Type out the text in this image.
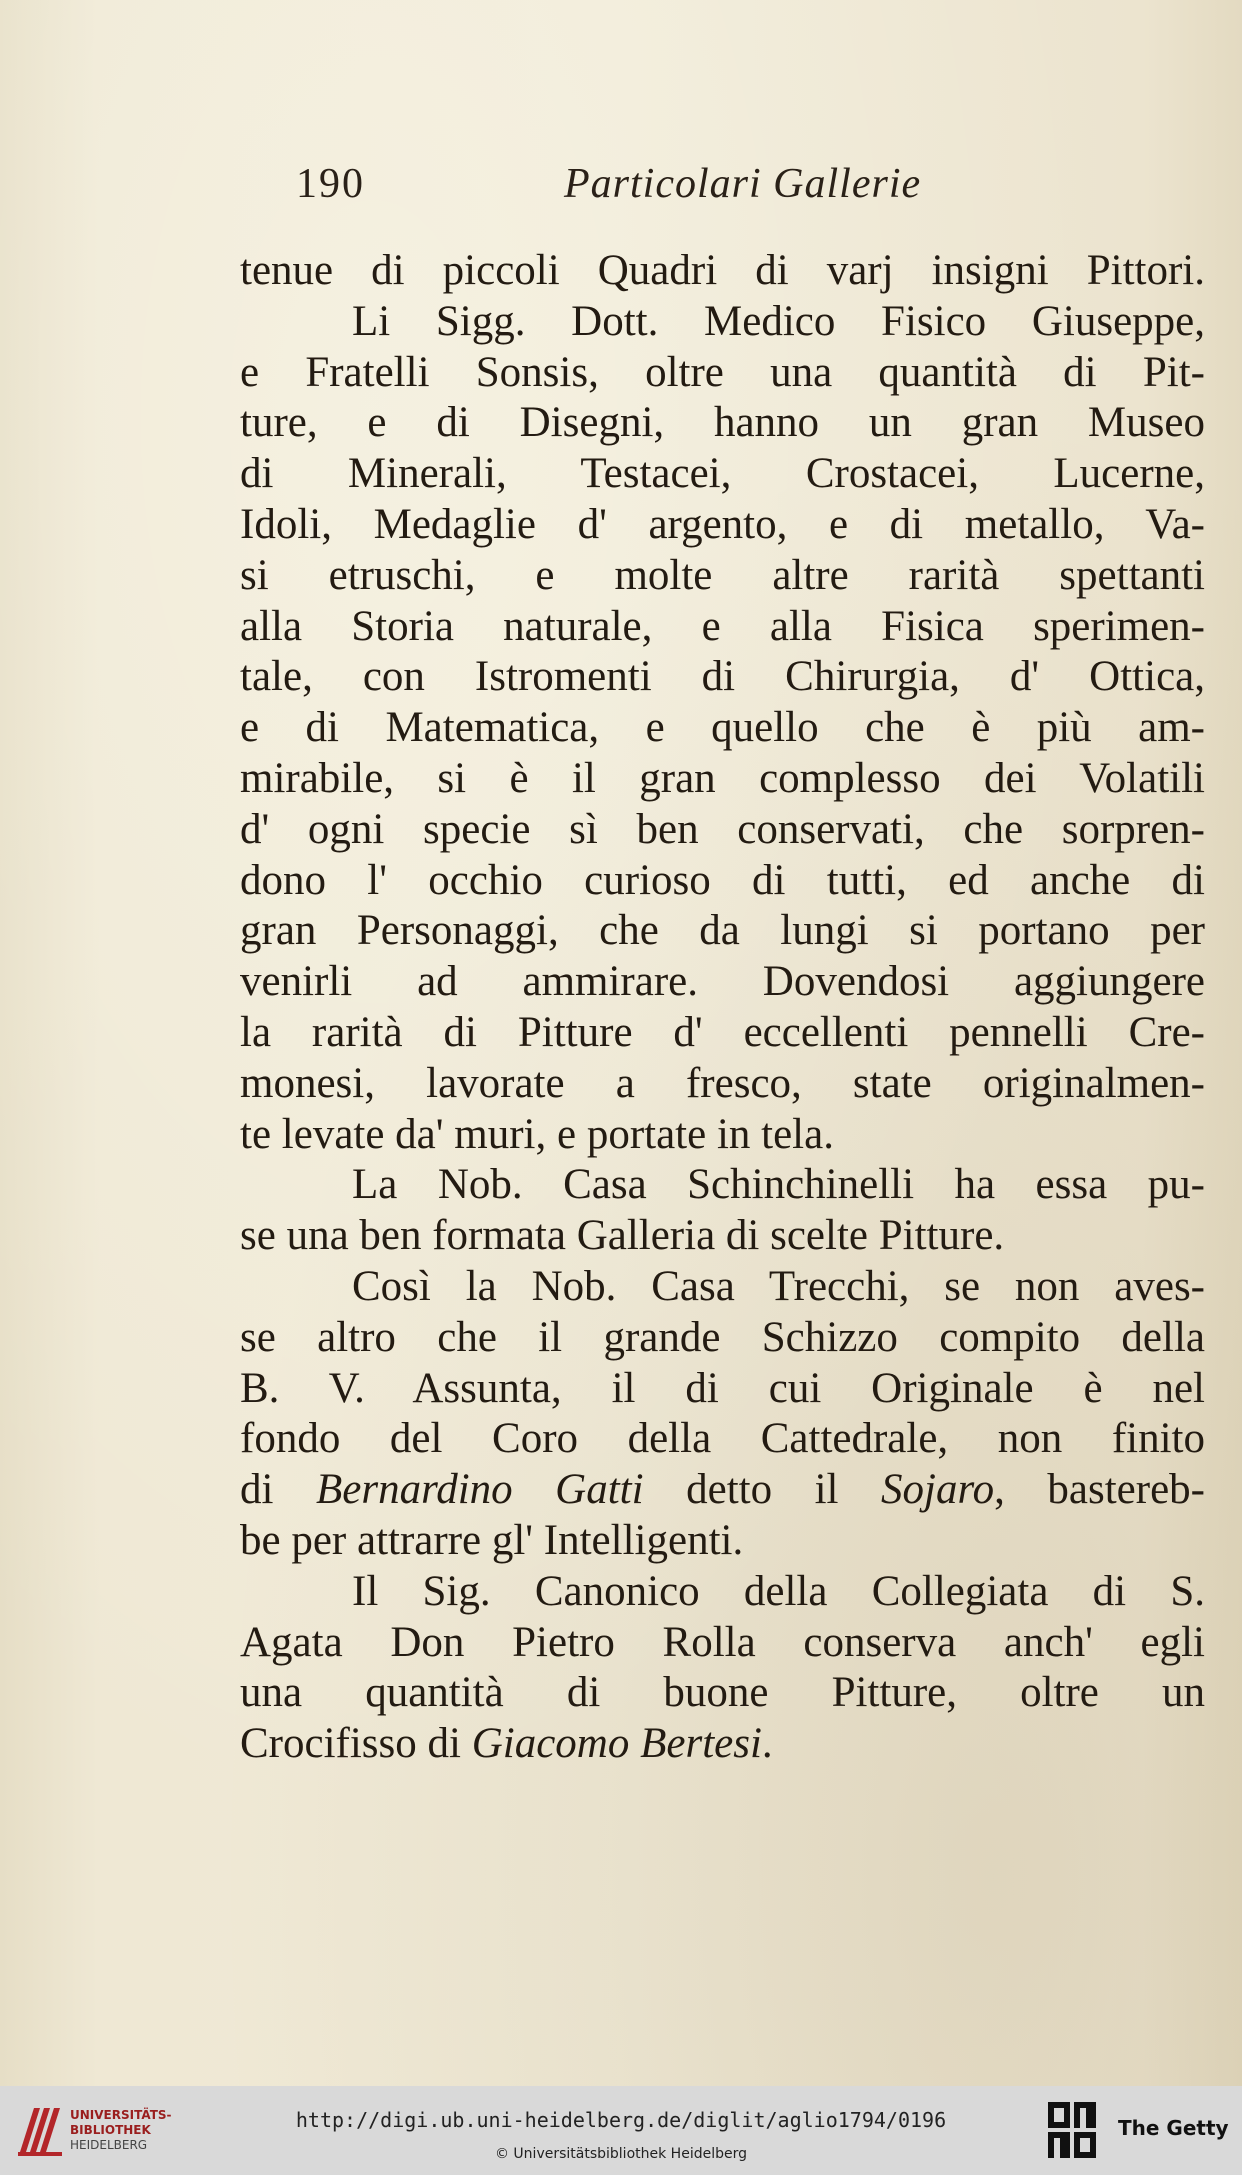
190	Particolari Gallerie
tenue di piccoli Quadri di varj insigni Pittori.
Li Sigg. Dott. Medico Fisico Giuseppe,
e Fratelli Sonsis, oltre una quantità di Pit-
ture, e di Disegni, hanno un gran Museo
di Minerali, Testacei, Crostacei, Lucerne,
Idoli, Medaglie d' argento, e di metallo, Va-
si etruschi, e molte altre rarità spettanti
alla Storia naturale, e alla Fisica sperimen-
tale, con Istromenti di Chirurgia, d' Ottica,
e di Matematica, e quello che è più am-
mirabile, si è il gran complesso dei Volatili
d' ogni specie sì ben conservati, che sorpren-
dono l' occhio curioso di tutti, ed anche di
gran Personaggi, che da lungi si portano per
venirli ad ammirare. Dovendosi aggiungere
la rarità di Pitture d' eccellenti pennelli Cre-
monesi, lavorate a fresco, state originalmen-
te levate da' muri, e portate in tela.
La Nob. Casa Schinchinelli ha essa pu-
se una ben formata Galleria di scelte Pitture.
Così la Nob. Casa Trecchi, se non aves-
se altro che il grande Schizzo compito della
B. V. Assunta, il di cui Originale è nel
fondo del Coro della Cattedrale, non finito
di Bernardino Gatti detto il Sojaro, bastereb-
be per attrarre gl' Intelligenti.
Il Sig. Canonico della Collegiata di S.
Agata Don Pietro Rolla conserva anch' egli
una quantità di buone Pitture, oltre un
Crocifisso di Giacomo Bertesi.
UNIVERSITÄTS-
BIBLIOTHEK
HEIDELBERG
http://digi.ub.uni-heidelberg.de/diglit/aglio1794/0196
© Universitätsbibliothek Heidelberg
The Getty
